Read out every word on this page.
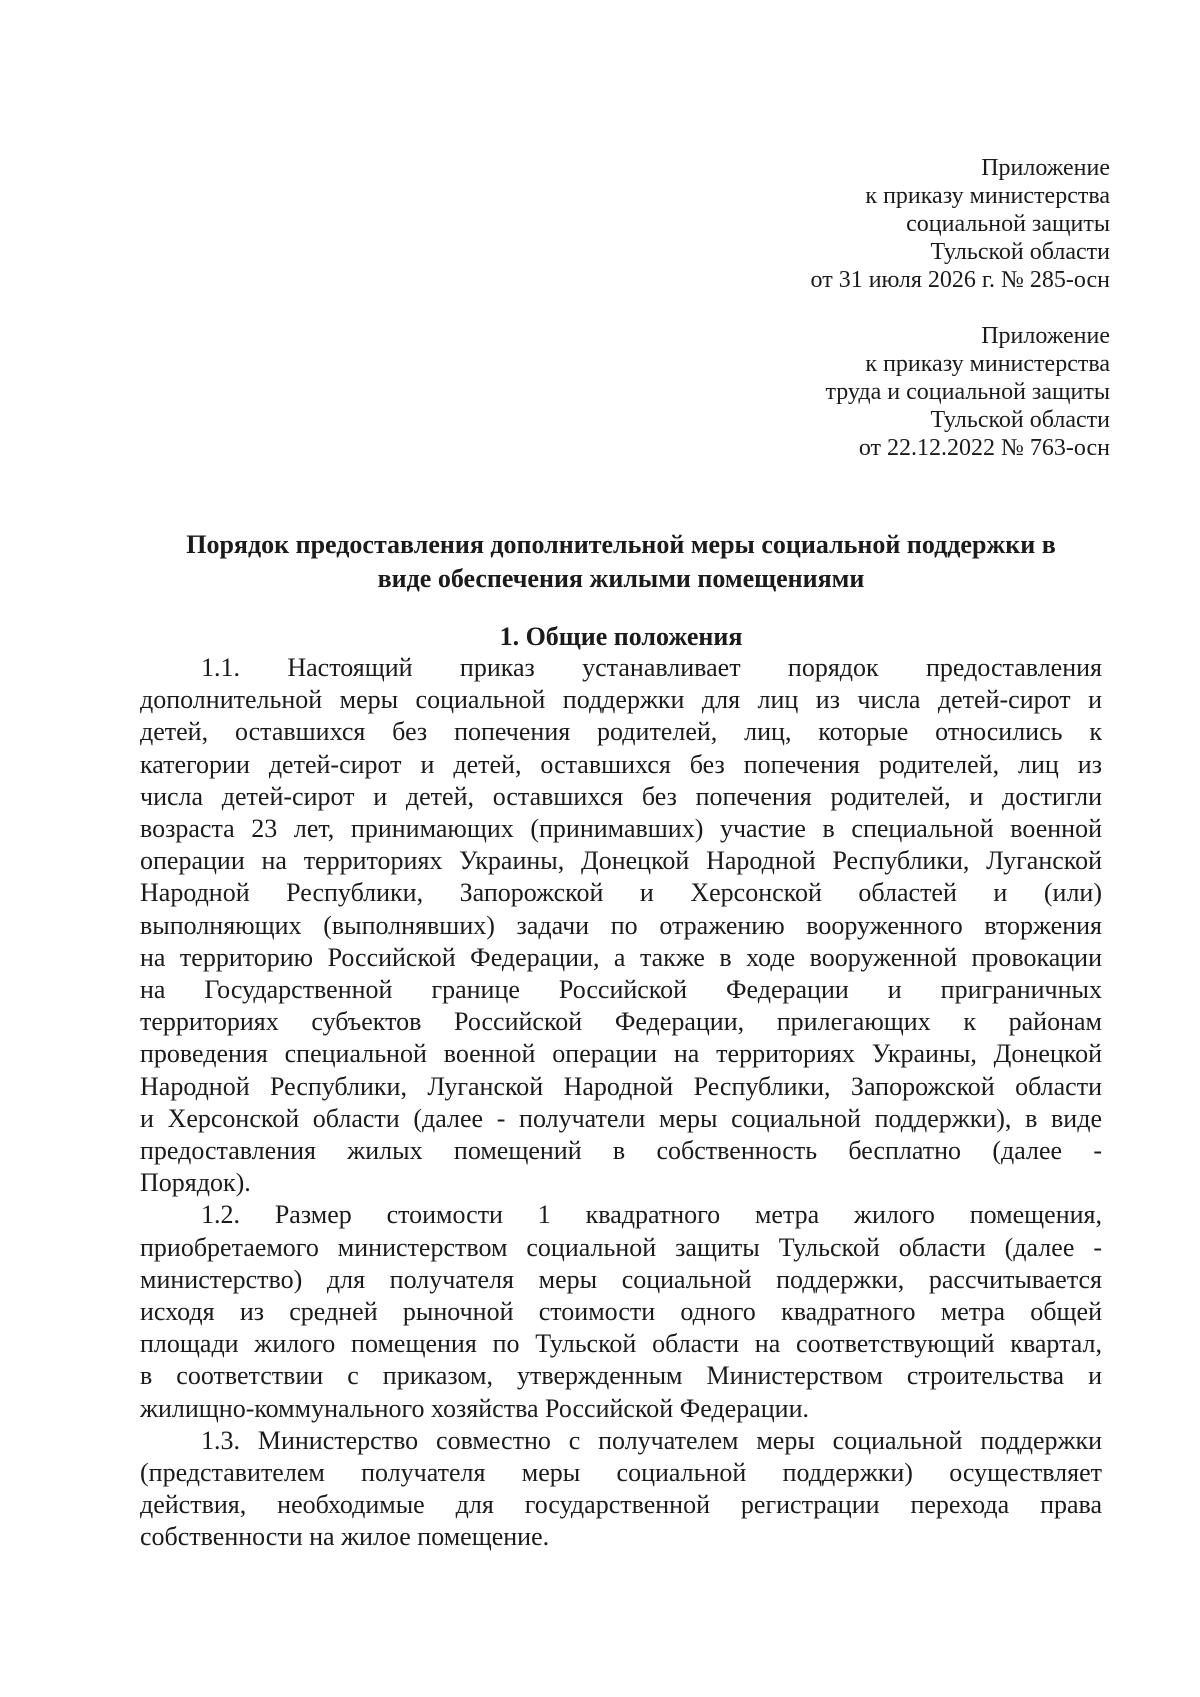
Приложение
к приказу министерства
социальной защиты
Тульской области
от 31 июля 2026 г. № 285-осн
Приложение
к приказу министерства
труда и социальной защиты
Тульской области
от 22.12.2022 № 763-осн
Порядок предоставления дополнительной меры социальной поддержки в
виде обеспечения жилыми помещениями
1. Общие положения
1.1. Настоящий приказ устанавливает порядок предоставления
дополнительной меры социальной поддержки для лиц из числа детей-сирот и
детей, оставшихся без попечения родителей, лиц, которые относились к
категории детей-сирот и детей, оставшихся без попечения родителей, лиц из
числа детей-сирот и детей, оставшихся без попечения родителей, и достигли
возраста 23 лет, принимающих (принимавших) участие в специальной военной
операции на территориях Украины, Донецкой Народной Республики, Луганской
Народной Республики, Запорожской и Херсонской областей и (или)
выполняющих (выполнявших) задачи по отражению вооруженного вторжения
на территорию Российской Федерации, а также в ходе вооруженной провокации
на Государственной границе Российской Федерации и приграничных
территориях субъектов Российской Федерации, прилегающих к районам
проведения специальной военной операции на территориях Украины, Донецкой
Народной Республики, Луганской Народной Республики, Запорожской области
и Херсонской области (далее - получатели меры социальной поддержки), в виде
предоставления жилых помещений в собственность бесплатно (далее -
Порядок).
1.2. Размер стоимости 1 квадратного метра жилого помещения,
приобретаемого министерством социальной защиты Тульской области (далее -
министерство) для получателя меры социальной поддержки, рассчитывается
исходя из средней рыночной стоимости одного квадратного метра общей
площади жилого помещения по Тульской области на соответствующий квартал,
в соответствии с приказом, утвержденным Министерством строительства и
жилищно-коммунального хозяйства Российской Федерации.
1.3. Министерство совместно с получателем меры социальной поддержки
(представителем получателя меры социальной поддержки) осуществляет
действия, необходимые для государственной регистрации перехода права
собственности на жилое помещение.
